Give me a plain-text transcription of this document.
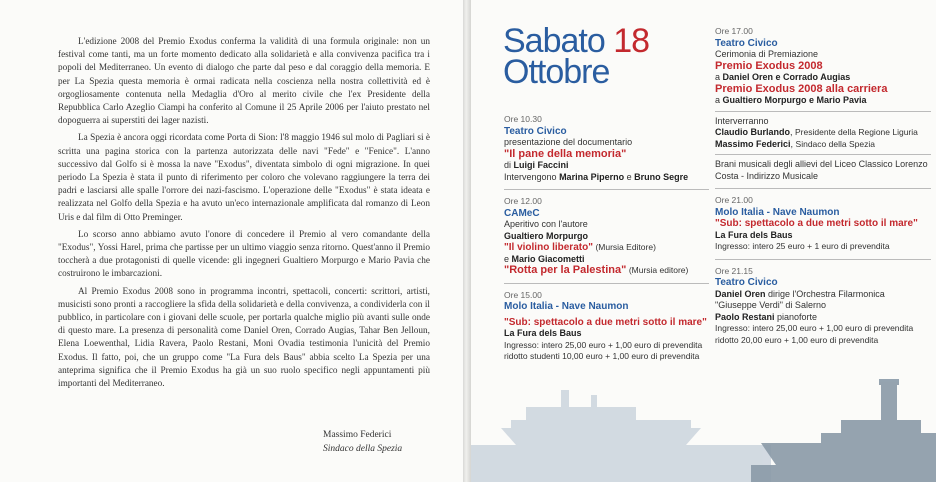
L'edizione 2008 del Premio Exodus conferma la validità di una formula originale: non un festival come tanti, ma un forte momento dedicato alla solidarietà e alla convivenza pacifica tra i popoli del Mediterraneo. Un evento di dialogo che parte dal peso e dal coraggio della memoria. E per La Spezia questa memoria è ormai radicata nella coscienza nella nostra collettività ed è orgogliosamente contenuta nella Medaglia d'Oro al merito civile che l'ex Presidente della Repubblica Carlo Azeglio Ciampi ha conferito al Comune il 25 Aprile 2006 per l'aiuto prestato nel dopoguerra ai superstiti dei lager nazisti.

La Spezia è ancora oggi ricordata come Porta di Sion: l'8 maggio 1946 sul molo di Pagliari si è scritta una pagina storica con la partenza autorizzata delle navi "Fede" e "Fenice". L'anno successivo dal Golfo si è mossa la nave "Exodus", diventata simbolo di ogni migrazione. In quei periodo La Spezia è stata il punto di riferimento per coloro che volevano raggiungere la terra dei padri e lasciarsi alle spalle l'orrore dei nazi-fascismo. L'operazione delle "Exodus" è stata ideata e realizzata nel Golfo della Spezia e ha avuto un'eco internazionale amplificata dal romanzo di Leon Uris e dal film di Otto Preminger.

Lo scorso anno abbiamo avuto l'onore di concedere il Premio al vero comandante della "Exodus", Yossi Harel, prima che partisse per un ultimo viaggio senza ritorno. Quest'anno il Premio toccherà a due protagonisti di quelle vicende: gli ingegneri Gualtiero Morpurgo e Mario Pavia che costruirono le imbarcazioni.

Al Premio Exodus 2008 sono in programma incontri, spettacoli, concerti: scrittori, artisti, musicisti sono pronti a raccogliere la sfida della solidarietà e della convivenza, a condividerla con il pubblico, in particolare con i giovani delle scuole, per portarla qualche miglio più avanti sulle onde di questo mare. La presenza di personalità come Daniel Oren, Corrado Augias, Tahar Ben Jelloun, Elena Loewenthal, Lidia Ravera, Paolo Restani, Moni Ovadia testimonia l'unicità del Premio Exodus. Il fatto, poi, che un gruppo come "La Fura dels Baus" abbia scelto La Spezia per una anteprima significa che il Premio Exodus ha già un suo ruolo specifico negli appuntamenti più importanti del Mediterraneo.

Massimo Federici
Sindaco della Spezia
Sabato 18
Ottobre
Ore 10.30
Teatro Civico
presentazione del documentario
"Il pane della memoria"
di Luigi Faccini
Intervengono Marina Piperno e Bruno Segre
Ore 12.00
CAMeC
Aperitivo con l'autore
Gualtiero Morpurgo
"Il violino liberato" (Mursia Editore)
e Mario Giacometti
"Rotta per la Palestina" (Mursia editore)
Ore 15.00
Molo Italia - Nave Naumon
"Sub: spettacolo a due metri sotto il mare"
La Fura dels Baus
Ingresso: intero 25,00 euro + 1,00 euro di prevendita
ridotto studenti 10,00 euro + 1,00 euro di prevendita
Ore 17.00
Teatro Civico
Cerimonia di Premiazione
Premio Exodus 2008
a Daniel Oren e Corrado Augias
Premio Exodus 2008 alla carriera
a Gualtiero Morpurgo e Mario Pavia
Interverranno
Claudio Burlando, Presidente della Regione Liguria
Massimo Federici, Sindaco della Spezia
Brani musicali degli allievi del Liceo Classico Lorenzo Costa - Indirizzo Musicale
Ore 21.00
Molo Italia - Nave Naumon
"Sub: spettacolo a due metri sotto il mare"
La Fura dels Baus
Ingresso: intero 25 euro + 1 euro di prevendita
Ore 21.15
Teatro Civico
Daniel Oren dirige l'Orchestra Filarmonica
"Giuseppe Verdi" di Salerno
Paolo Restani pianoforte
Ingresso: intero 25,00 euro + 1,00 euro di prevendita
ridotto 20,00 euro + 1,00 euro di prevendita
